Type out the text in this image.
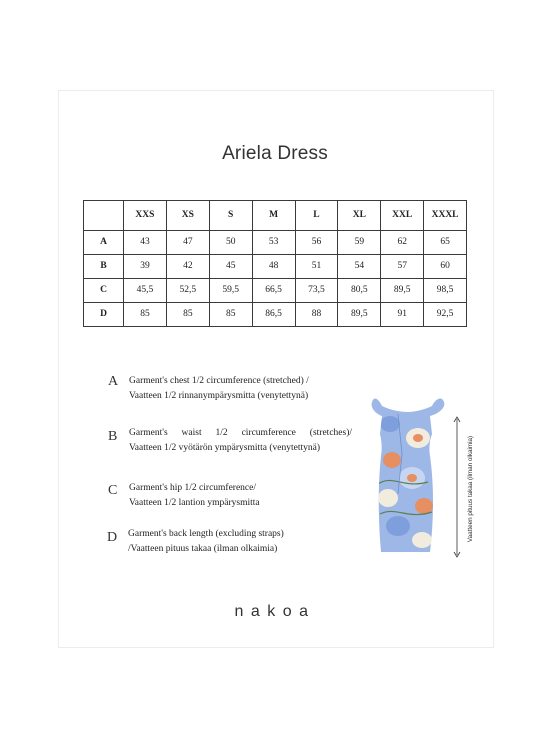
Ariela Dress
	XXS	XS	S	M	L	XL	XXL	XXXL
A	43	47	50	53	56	59	62	65
B	39	42	45	48	51	54	57	60
C	45,5	52,5	59,5	66,5	73,5	80,5	89,5	98,5
D	85	85	85	86,5	88	89,5	91	92,5
A Garment's chest 1/2 circumference (stretched) /
Vaatteen 1/2 rinnanympärysmitta (venytettynä)
B Garment's waist 1/2 circumference (stretches)/
Vaatteen 1/2 vyötärön ympärysmitta (venytettynä)
C Garment's hip 1/2 circumference/
Vaatteen 1/2 lantion ympärysmitta
D Garment's back length (excluding straps)
/Vaatteen pituus takaa (ilman olkaimia)
Vaatteen pituus takaa (ilman olkaimia)
nakoa
